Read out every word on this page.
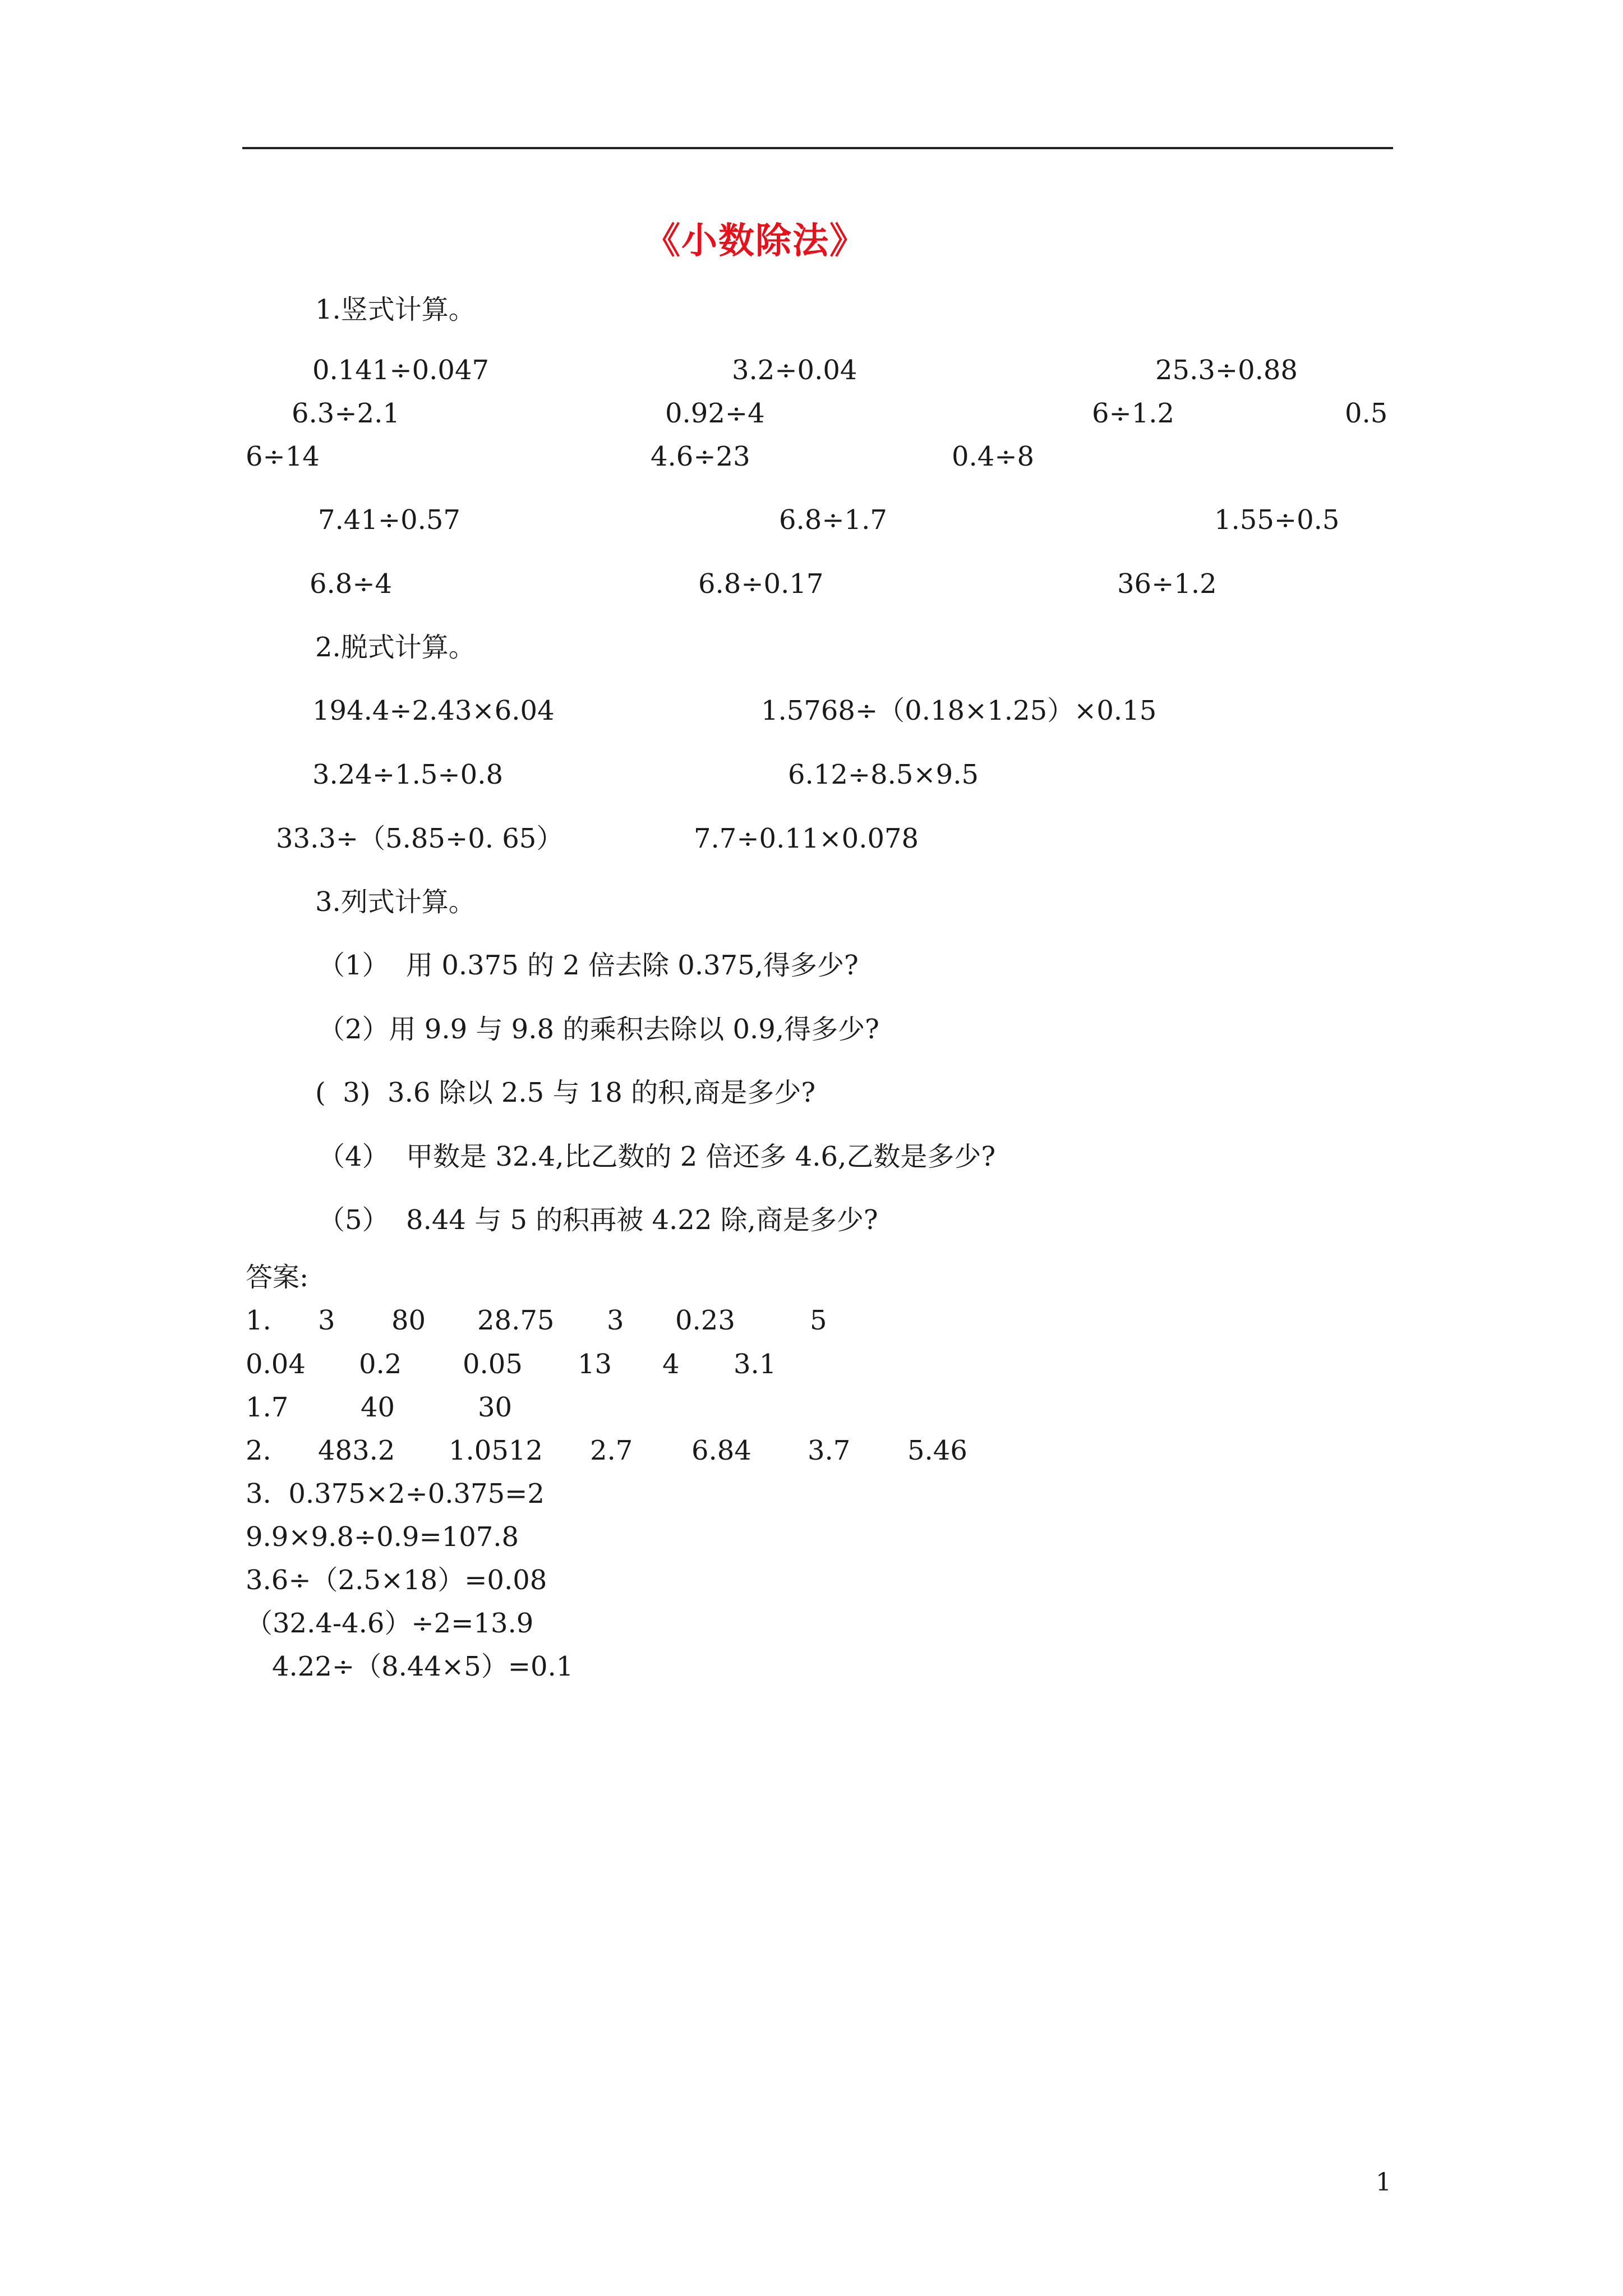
《小数除法》
1.竖式计算。
0.141÷0.047	3.2÷0.04	25.3÷0.88
6.3÷2.1	0.92÷4	6÷1.2	0.5
6÷14	4.6÷23	0.4÷8
7.41÷0.57	6.8÷1.7	1.55÷0.5
6.8÷4	6.8÷0.17	36÷1.2
2.脱式计算。
194.4÷2.43×6.04	1.5768÷（0.18×1.25）×0.15
3.24÷1.5÷0.8	6.12÷8.5×9.5
33.3÷（5.85÷0. 65）	7.7÷0.11×0.078
3.列式计算。
（1）  用 0.375 的 2 倍去除 0.375,得多少?
（2）用 9.9 与 9.8 的乘积去除以 0.9,得多少?
(  3)  3.6 除以 2.5 与 18 的积,商是多少?
（4）  甲数是 32.4,比乙数的 2 倍还多 4.6,乙数是多少?
（5）  8.44 与 5 的积再被 4.22 除,商是多少?
答案:
1. 3 80 28.75 3 0.23	5
0.04 0.2 0.05 13 4 3.1
1.7	40	30
2. 483.2 1.0512 2.7 6.84 3.7 5.46
3.  0.375×2÷0.375=2
9.9×9.8÷0.9=107.8
3.6÷（2.5×18）=0.08
（32.4-4.6）÷2=13.9
4.22÷（8.44×5）=0.1
1
